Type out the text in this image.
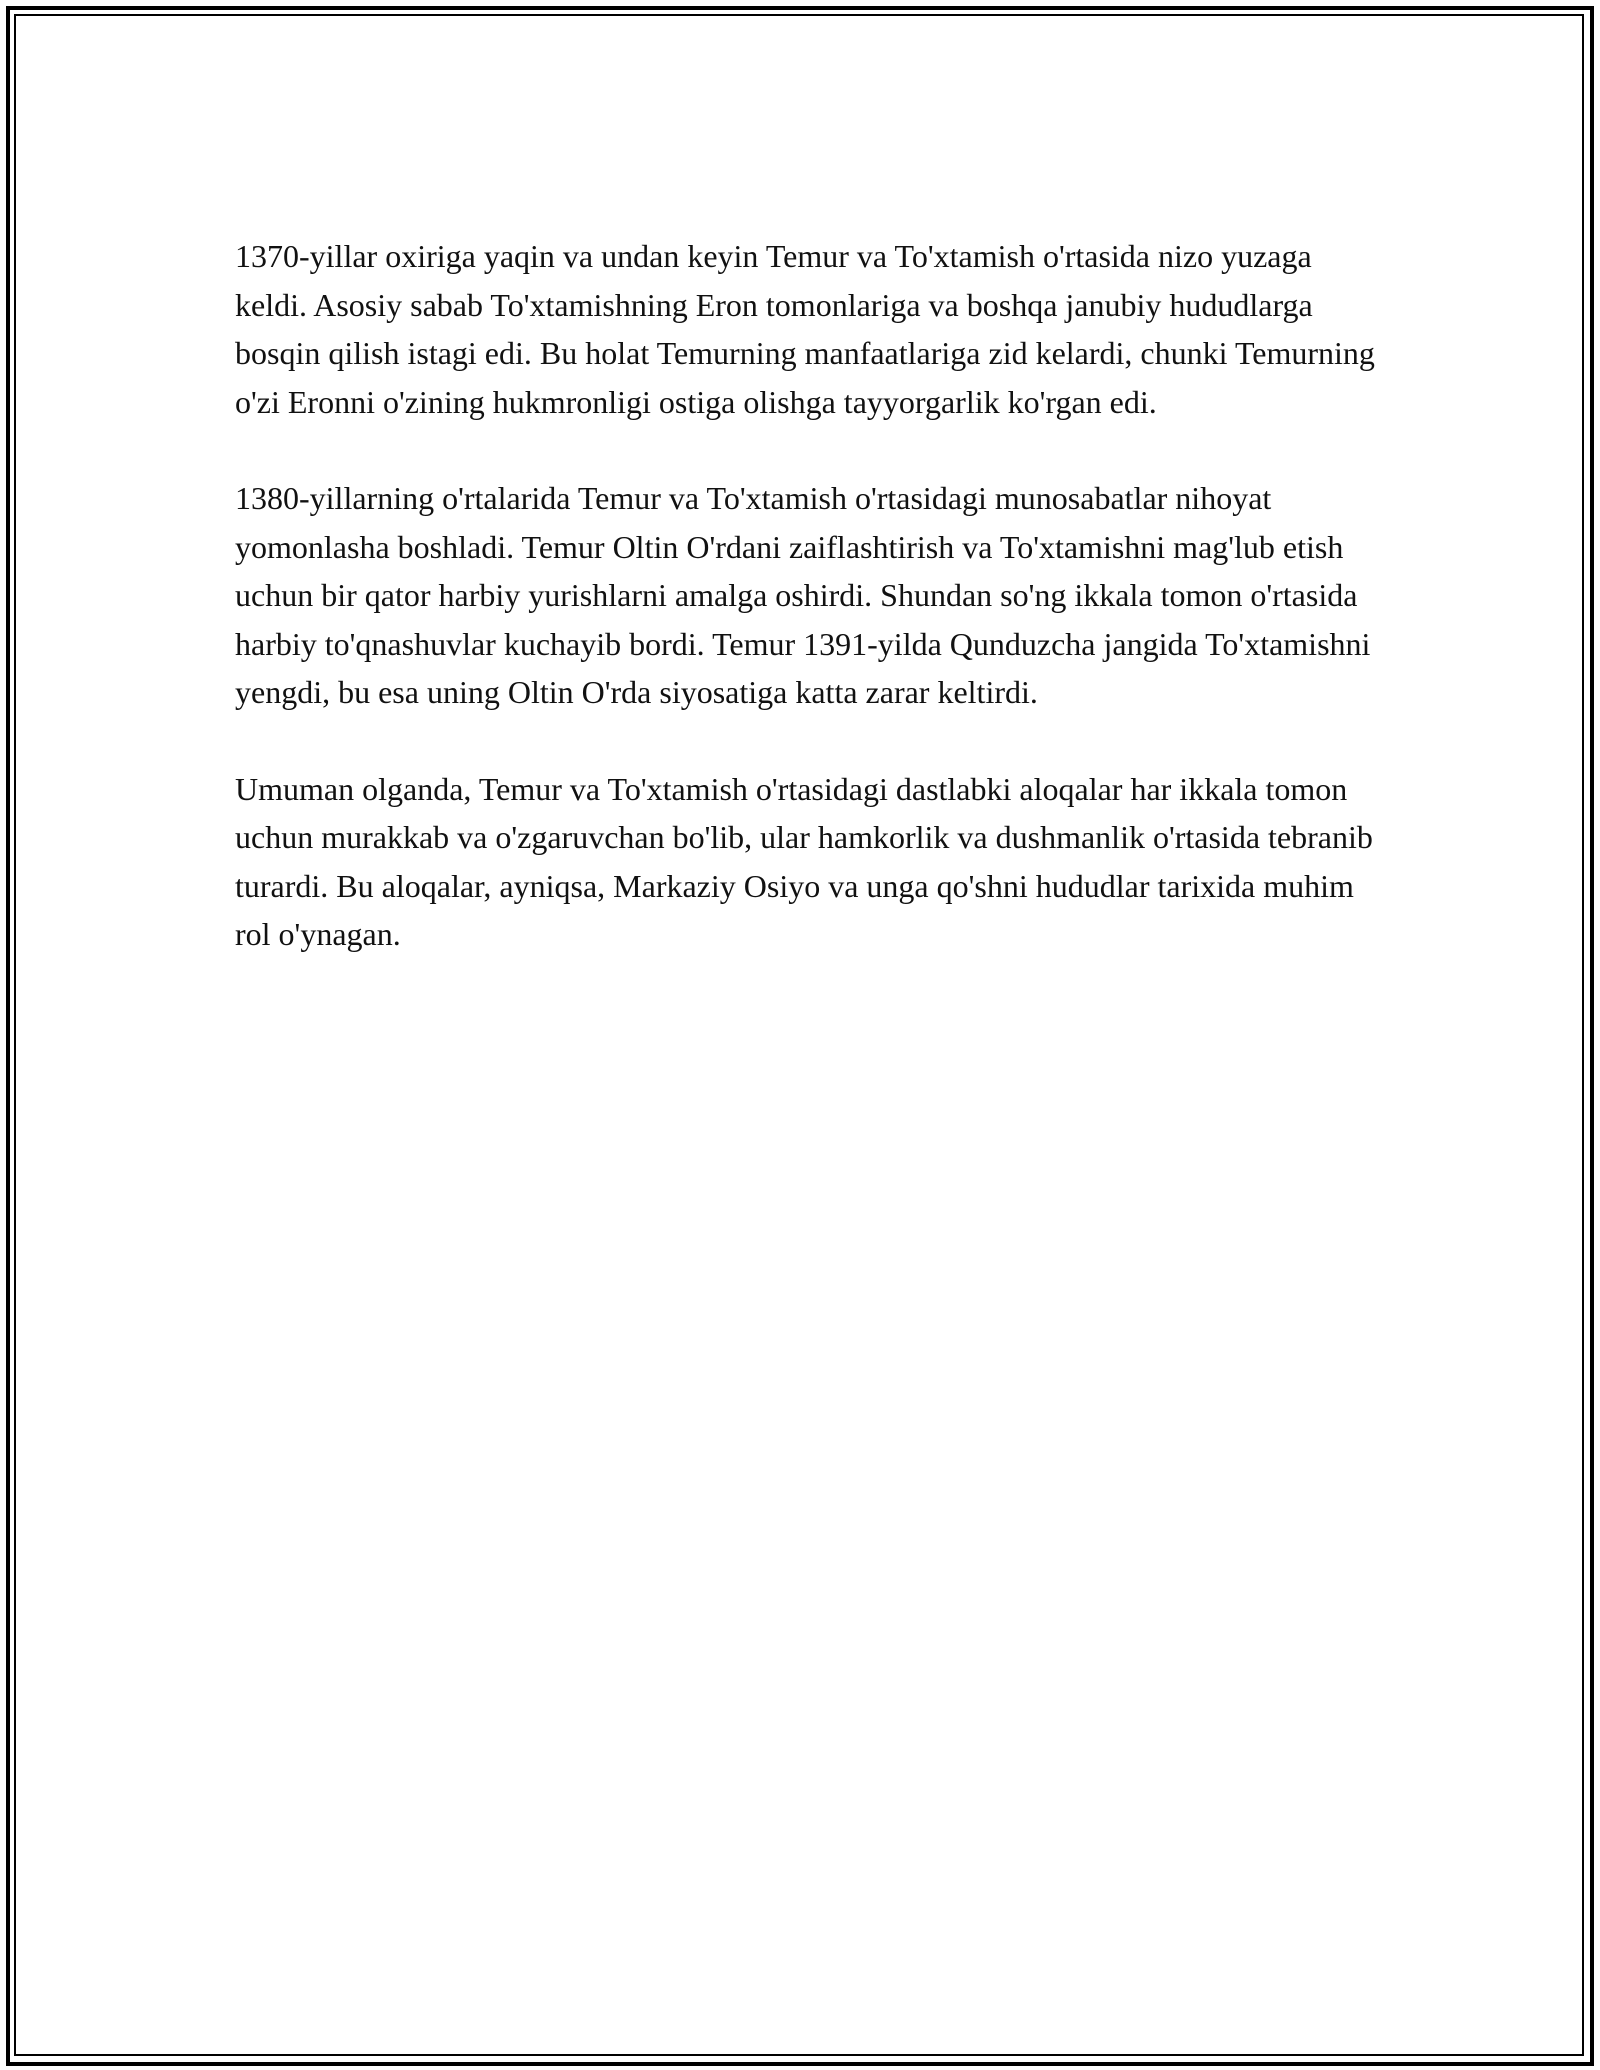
1370-yillar oxiriga yaqin va undan keyin Temur va To'xtamish o'rtasida nizo yuzaga keldi. Asosiy sabab To'xtamishning Eron tomonlariga va boshqa janubiy hududlarga bosqin qilish istagi edi. Bu holat Temurning manfaatlariga zid kelardi, chunki Temurning o'zi Eronni o'zining hukmronligi ostiga olishga tayyorgarlik ko'rgan edi.

1380-yillarning o'rtalarida Temur va To'xtamish o'rtasidagi munosabatlar nihoyat yomonlasha boshladi. Temur Oltin O'rdani zaiflashtirish va To'xtamishni mag'lub etish uchun bir qator harbiy yurishlarni amalga oshirdi. Shundan so'ng ikkala tomon o'rtasida harbiy to'qnashuvlar kuchayib bordi. Temur 1391-yilda Qunduzcha jangida To'xtamishni yengdi, bu esa uning Oltin O'rda siyosatiga katta zarar keltirdi.

Umuman olganda, Temur va To'xtamish o'rtasidagi dastlabki aloqalar har ikkala tomon uchun murakkab va o'zgaruvchan bo'lib, ular hamkorlik va dushmanlik o'rtasida tebranib turardi. Bu aloqalar, ayniqsa, Markaziy Osiyo va unga qo'shni hududlar tarixida muhim rol o'ynagan.
